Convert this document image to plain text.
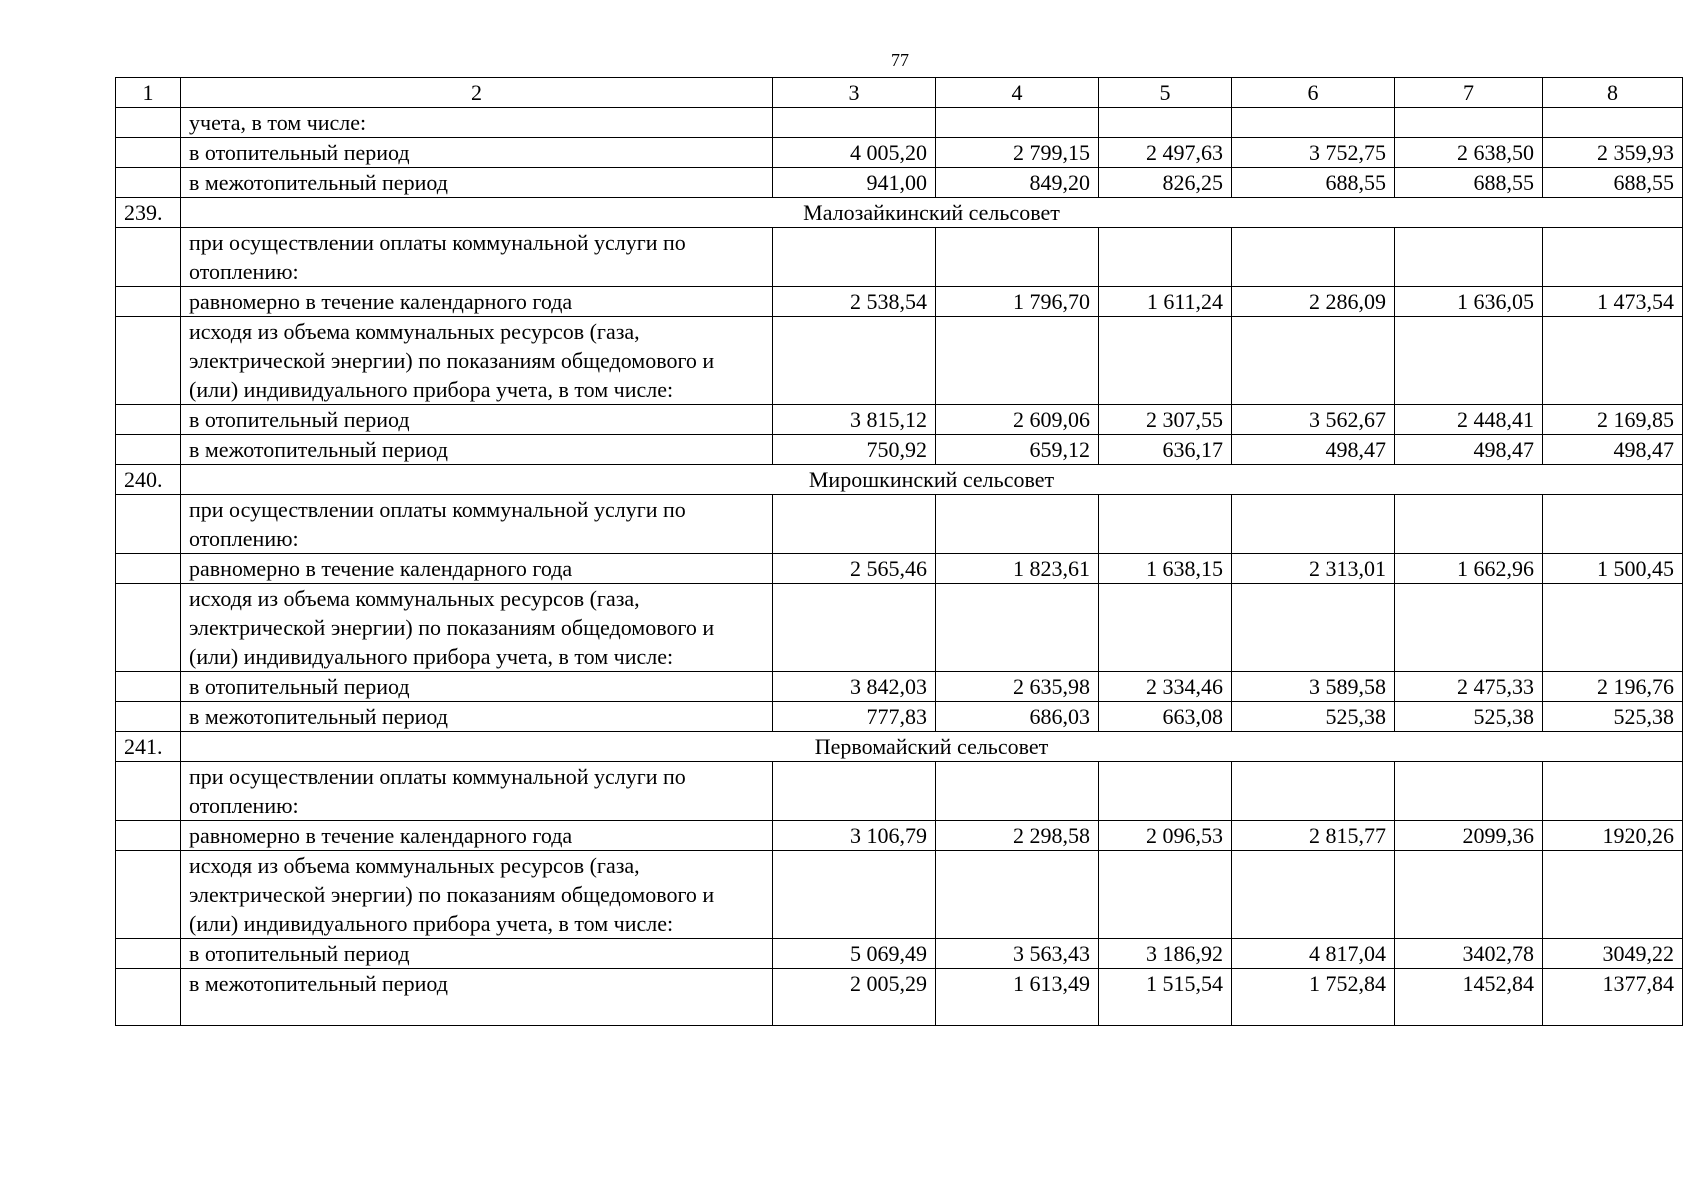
77
1	2	3	4	5	6	7	8
	учета, в том числе:						
	в отопительный период	4 005,20	2 799,15	2 497,63	3 752,75	2 638,50	2 359,93
	в межотопительный период	941,00	849,20	826,25	688,55	688,55	688,55
239.	Малозайкинский сельсовет						
	при осуществлении оплаты коммунальной услуги по отоплению:						
	равномерно в течение календарного года	2 538,54	1 796,70	1 611,24	2 286,09	1 636,05	1 473,54
	исходя из объема коммунальных ресурсов (газа, электрической энергии) по показаниям общедомового и (или) индивидуального прибора учета, в том числе:						
	в отопительный период	3 815,12	2 609,06	2 307,55	3 562,67	2 448,41	2 169,85
	в межотопительный период	750,92	659,12	636,17	498,47	498,47	498,47
240.	Мирошкинский сельсовет						
	при осуществлении оплаты коммунальной услуги по отоплению:						
	равномерно в течение календарного года	2 565,46	1 823,61	1 638,15	2 313,01	1 662,96	1 500,45
	исходя из объема коммунальных ресурсов (газа, электрической энергии) по показаниям общедомового и (или) индивидуального прибора учета, в том числе:						
	в отопительный период	3 842,03	2 635,98	2 334,46	3 589,58	2 475,33	2 196,76
	в межотопительный период	777,83	686,03	663,08	525,38	525,38	525,38
241.	Первомайский сельсовет						
	при осуществлении оплаты коммунальной услуги по отоплению:						
	равномерно в течение календарного года	3 106,79	2 298,58	2 096,53	2 815,77	2099,36	1920,26
	исходя из объема коммунальных ресурсов (газа, электрической энергии) по показаниям общедомового и (или) индивидуального прибора учета, в том числе:						
	в отопительный период	5 069,49	3 563,43	3 186,92	4 817,04	3402,78	3049,22
	в межотопительный период	2 005,29	1 613,49	1 515,54	1 752,84	1452,84	1377,84
